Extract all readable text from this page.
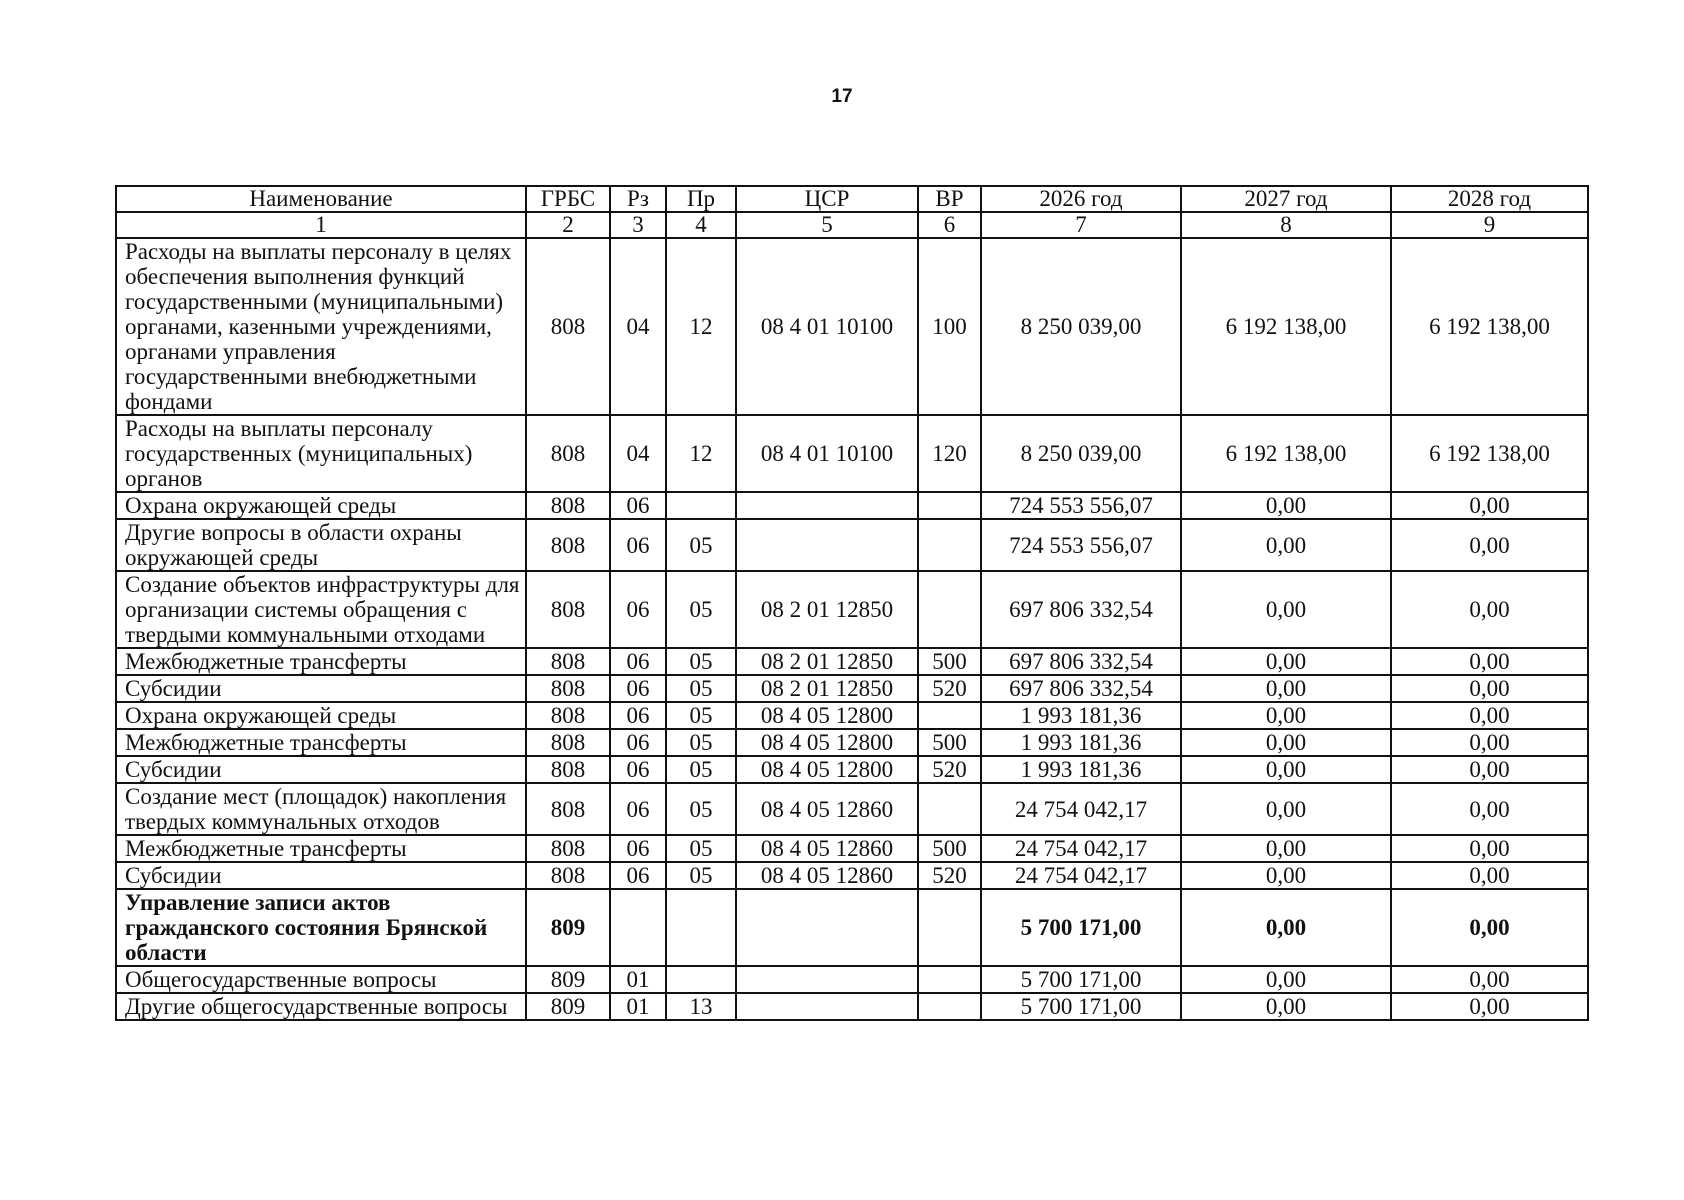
17
Наименование	ГРБС	Рз	Пр	ЦСР	ВР	2026 год	2027 год	2028 год
1	2	3	4	5	6	7	8	9
Расходы на выплаты персоналу в целях обеспечения выполнения функций государственными (муниципальными) органами, казенными учреждениями, органами управления государственными внебюджетными фондами	808	04	12	08 4 01 10100	100	8 250 039,00	6 192 138,00	6 192 138,00
Расходы на выплаты персоналу государственных (муниципальных) органов	808	04	12	08 4 01 10100	120	8 250 039,00	6 192 138,00	6 192 138,00
Охрана окружающей среды	808	06				724 553 556,07	0,00	0,00
Другие вопросы в области охраны окружающей среды	808	06	05			724 553 556,07	0,00	0,00
Создание объектов инфраструктуры для организации системы обращения с твердыми коммунальными отходами	808	06	05	08 2 01 12850		697 806 332,54	0,00	0,00
Межбюджетные трансферты	808	06	05	08 2 01 12850	500	697 806 332,54	0,00	0,00
Субсидии	808	06	05	08 2 01 12850	520	697 806 332,54	0,00	0,00
Охрана окружающей среды	808	06	05	08 4 05 12800		1 993 181,36	0,00	0,00
Межбюджетные трансферты	808	06	05	08 4 05 12800	500	1 993 181,36	0,00	0,00
Субсидии	808	06	05	08 4 05 12800	520	1 993 181,36	0,00	0,00
Создание мест (площадок) накопления твердых коммунальных отходов	808	06	05	08 4 05 12860		24 754 042,17	0,00	0,00
Межбюджетные трансферты	808	06	05	08 4 05 12860	500	24 754 042,17	0,00	0,00
Субсидии	808	06	05	08 4 05 12860	520	24 754 042,17	0,00	0,00
Управление записи актов гражданского состояния Брянской области	809					5 700 171,00	0,00	0,00
Общегосударственные вопросы	809	01				5 700 171,00	0,00	0,00
Другие общегосударственные вопросы	809	01	13			5 700 171,00	0,00	0,00
